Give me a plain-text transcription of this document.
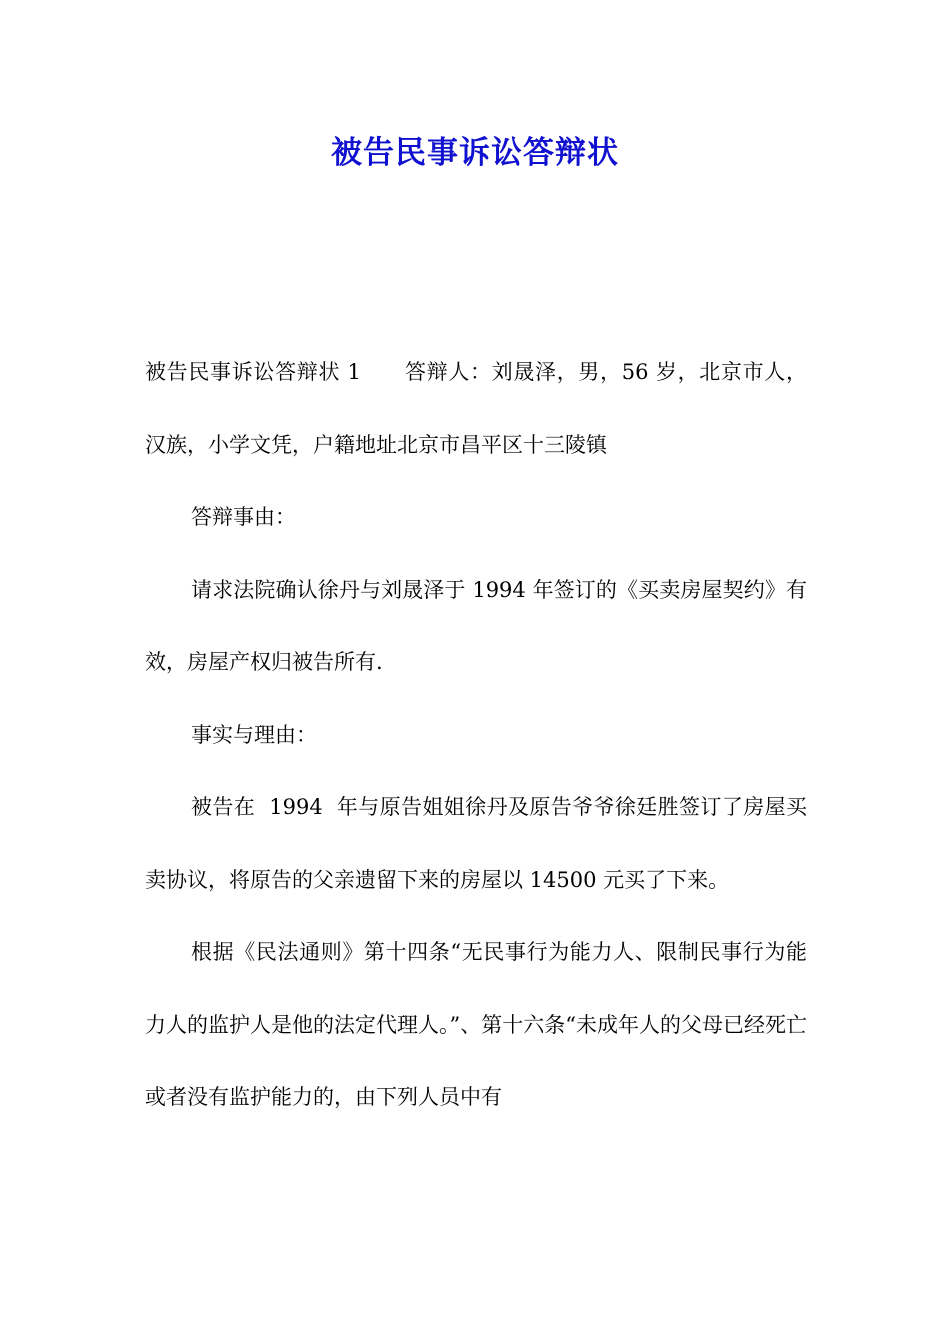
被告民事诉讼答辩状

被告民事诉讼答辩状 1　　答辩人：刘晟泽，男，56 岁，北京市人，汉族，小学文凭，户籍地址北京市昌平区十三陵镇

答辩事由：

请求法院确认徐丹与刘晟泽于 1994 年签订的《买卖房屋契约》有效，房屋产权归被告所有.

事实与理由：

被告在  1994  年与原告姐姐徐丹及原告爷爷徐廷胜签订了房屋买卖协议，将原告的父亲遗留下来的房屋以 14500 元买了下来。

根据《民法通则》第十四条“无民事行为能力人、限制民事行为能力人的监护人是他的法定代理人。”、第十六条“未成年人的父母已经死亡或者没有监护能力的，由下列人员中有
